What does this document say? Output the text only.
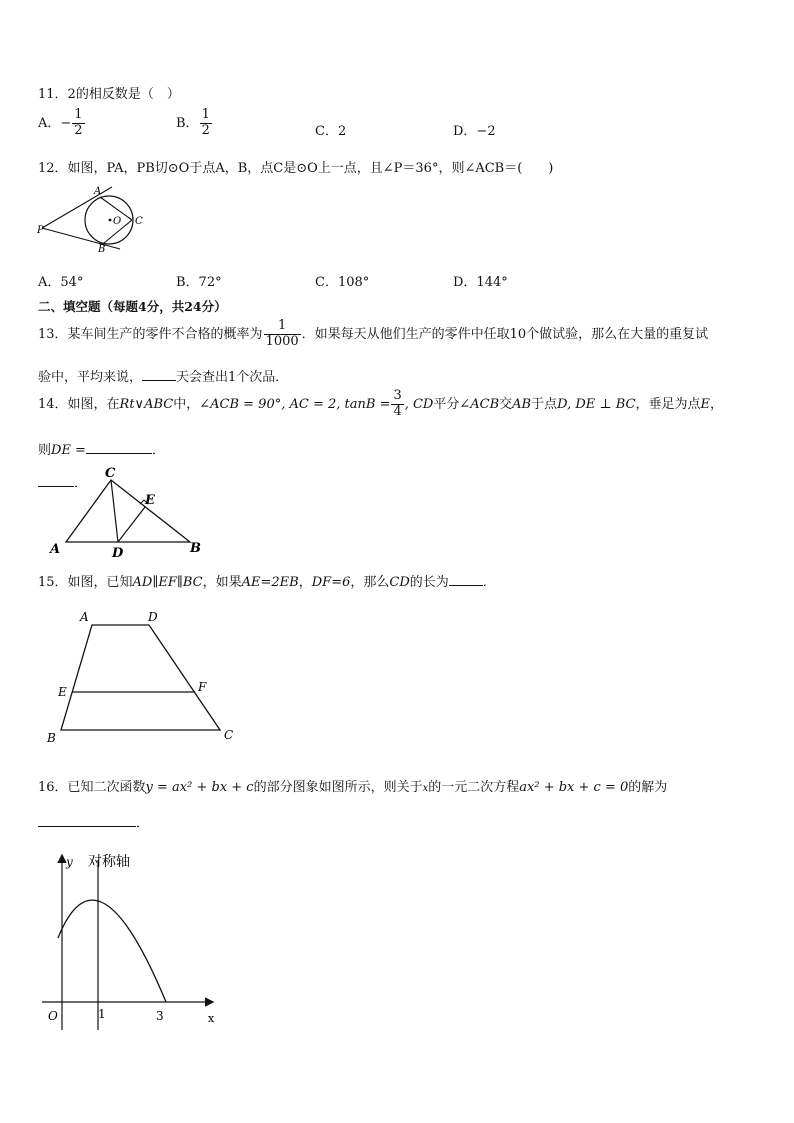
11．2的相反数是（　）
A．− $\frac{1}{2}$	B． $\frac{1}{2}$	C．2	D．−2
12．如图，PA，PB切⊙O于点A，B，点C是⊙O上一点，且∠P＝36°，则∠ACB＝(　　)
A
B
C
O
P
A．54°	B．72°	C．108°	D．144°
二、填空题（每题4分，共24分）
13．某车间生产的零件不合格的概率为 $\frac{1}{1000}$ ．如果每天从他们生产的零件中任取10个做试验，那么在大量的重复试
验中，平均来说，	天会查出1个次品．
14．如图，在Rt∨ABC中，∠ACB = 90°, AC = 2, $\tan B = \frac{3}{4}$ , CD平分∠ACB交AB于点D, DE ⊥ BC，垂足为点E，
则DE =	．
．
C
E
A	D	B
15．如图，已知AD∥EF∥BC，如果AE=2EB，DF=6，那么CD的长为	．
A	D
E	F
B	C
16．已知二次函数y = ax² + bx + c的部分图象如图所示，则关于x的一元二次方程ax² + bx + c = 0的解为
．
y 对称轴
O	1	3	x
